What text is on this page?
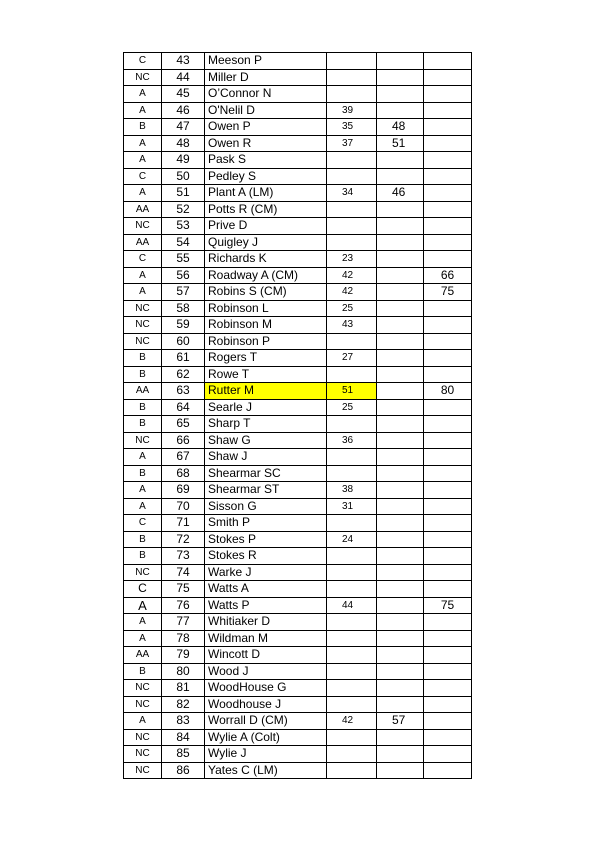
C	43	Meeson P			
NC	44	Miller D			
A	45	O’Connor N			
A	46	O'Nelil D	39		
B	47	Owen P	35	48	
A	48	Owen R	37	51	
A	49	Pask S			
C	50	Pedley S			
A	51	Plant A (LM)	34	46	
AA	52	Potts R (CM)			
NC	53	Prive D			
AA	54	Quigley J			
C	55	Richards K	23		
A	56	Roadway A (CM)	42		66
A	57	Robins S (CM)	42		75
NC	58	Robinson L	25		
NC	59	Robinson M	43		
NC	60	Robinson P			
B	61	Rogers T	27		
B	62	Rowe T			
AA	63	Rutter M	51		80
B	64	Searle J	25		
B	65	Sharp T			
NC	66	Shaw G	36		
A	67	Shaw J			
B	68	Shearmar SC			
A	69	Shearmar ST	38		
A	70	Sisson G	31		
C	71	Smith P			
B	72	Stokes P	24		
B	73	Stokes R			
NC	74	Warke J			
C	75	Watts A			
A	76	Watts P	44		75
A	77	Whitiaker D			
A	78	Wildman M			
AA	79	Wincott D			
B	80	Wood J			
NC	81	WoodHouse G			
NC	82	Woodhouse J			
A	83	Worrall D (CM)	42	57	
NC	84	Wylie A (Colt)			
NC	85	Wylie J			
NC	86	Yates C (LM)			
